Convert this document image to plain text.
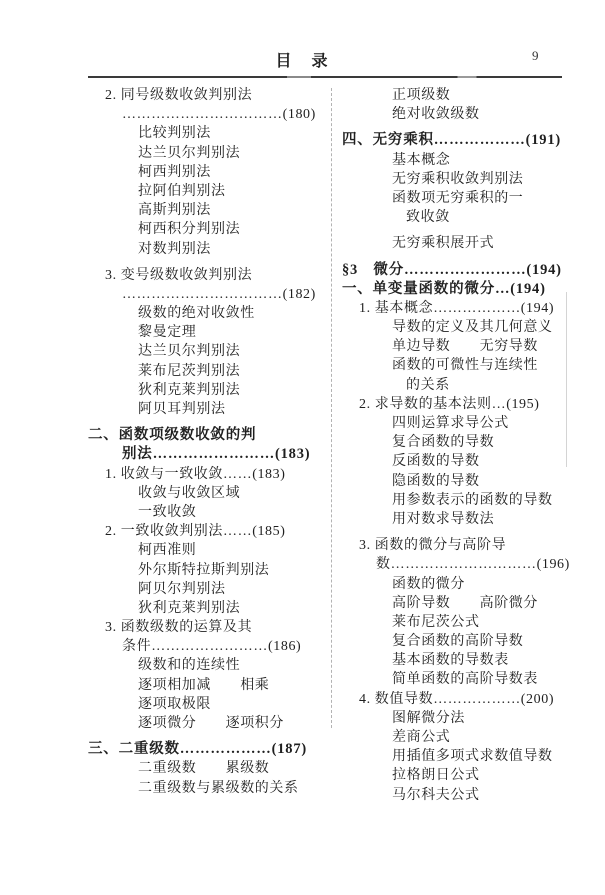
目　录	9
2. 同号级数收敛判别法
……………………………(180)
比较判别法
达兰贝尔判别法
柯西判别法
拉阿伯判别法
高斯判别法
柯西积分判别法
对数判别法
3. 变号级数收敛判别法
……………………………(182)
级数的绝对收敛性
黎曼定理
达兰贝尔判别法
莱布尼茨判别法
狄利克莱判别法
阿贝耳判别法
二、函数项级数收敛的判
别法……………………(183)
1. 收敛与一致收敛……(183)
收敛与收敛区域
一致收敛
2. 一致收敛判别法……(185)
柯西准则
外尔斯特拉斯判别法
阿贝尔判别法
狄利克莱判别法
3. 函数级数的运算及其
条件……………………(186)
级数和的连续性
逐项相加减　　相乘
逐项取极限
逐项微分　　逐项积分
三、二重级数………………(187)
二重级数　　累级数
二重级数与累级数的关系
正项级数
绝对收敛级数
四、无穷乘积………………(191)
基本概念
无穷乘积收敛判别法
函数项无穷乘积的一
致收敛
无穷乘积展开式
§3　微分……………………(194)
一、单变量函数的微分…(194)
1. 基本概念………………(194)
导数的定义及其几何意义
单边导数　　无穷导数
函数的可微性与连续性
的关系
2. 求导数的基本法则…(195)
四则运算求导公式
复合函数的导数
反函数的导数
隐函数的导数
用参数表示的函数的导数
用对数求导数法
3. 函数的微分与高阶导
数…………………………(196)
函数的微分
高阶导数　　高阶微分
莱布尼茨公式
复合函数的高阶导数
基本函数的导数表
简单函数的高阶导数表
4. 数值导数………………(200)
图解微分法
差商公式
用插值多项式求数值导数
拉格朗日公式
马尔科夫公式
